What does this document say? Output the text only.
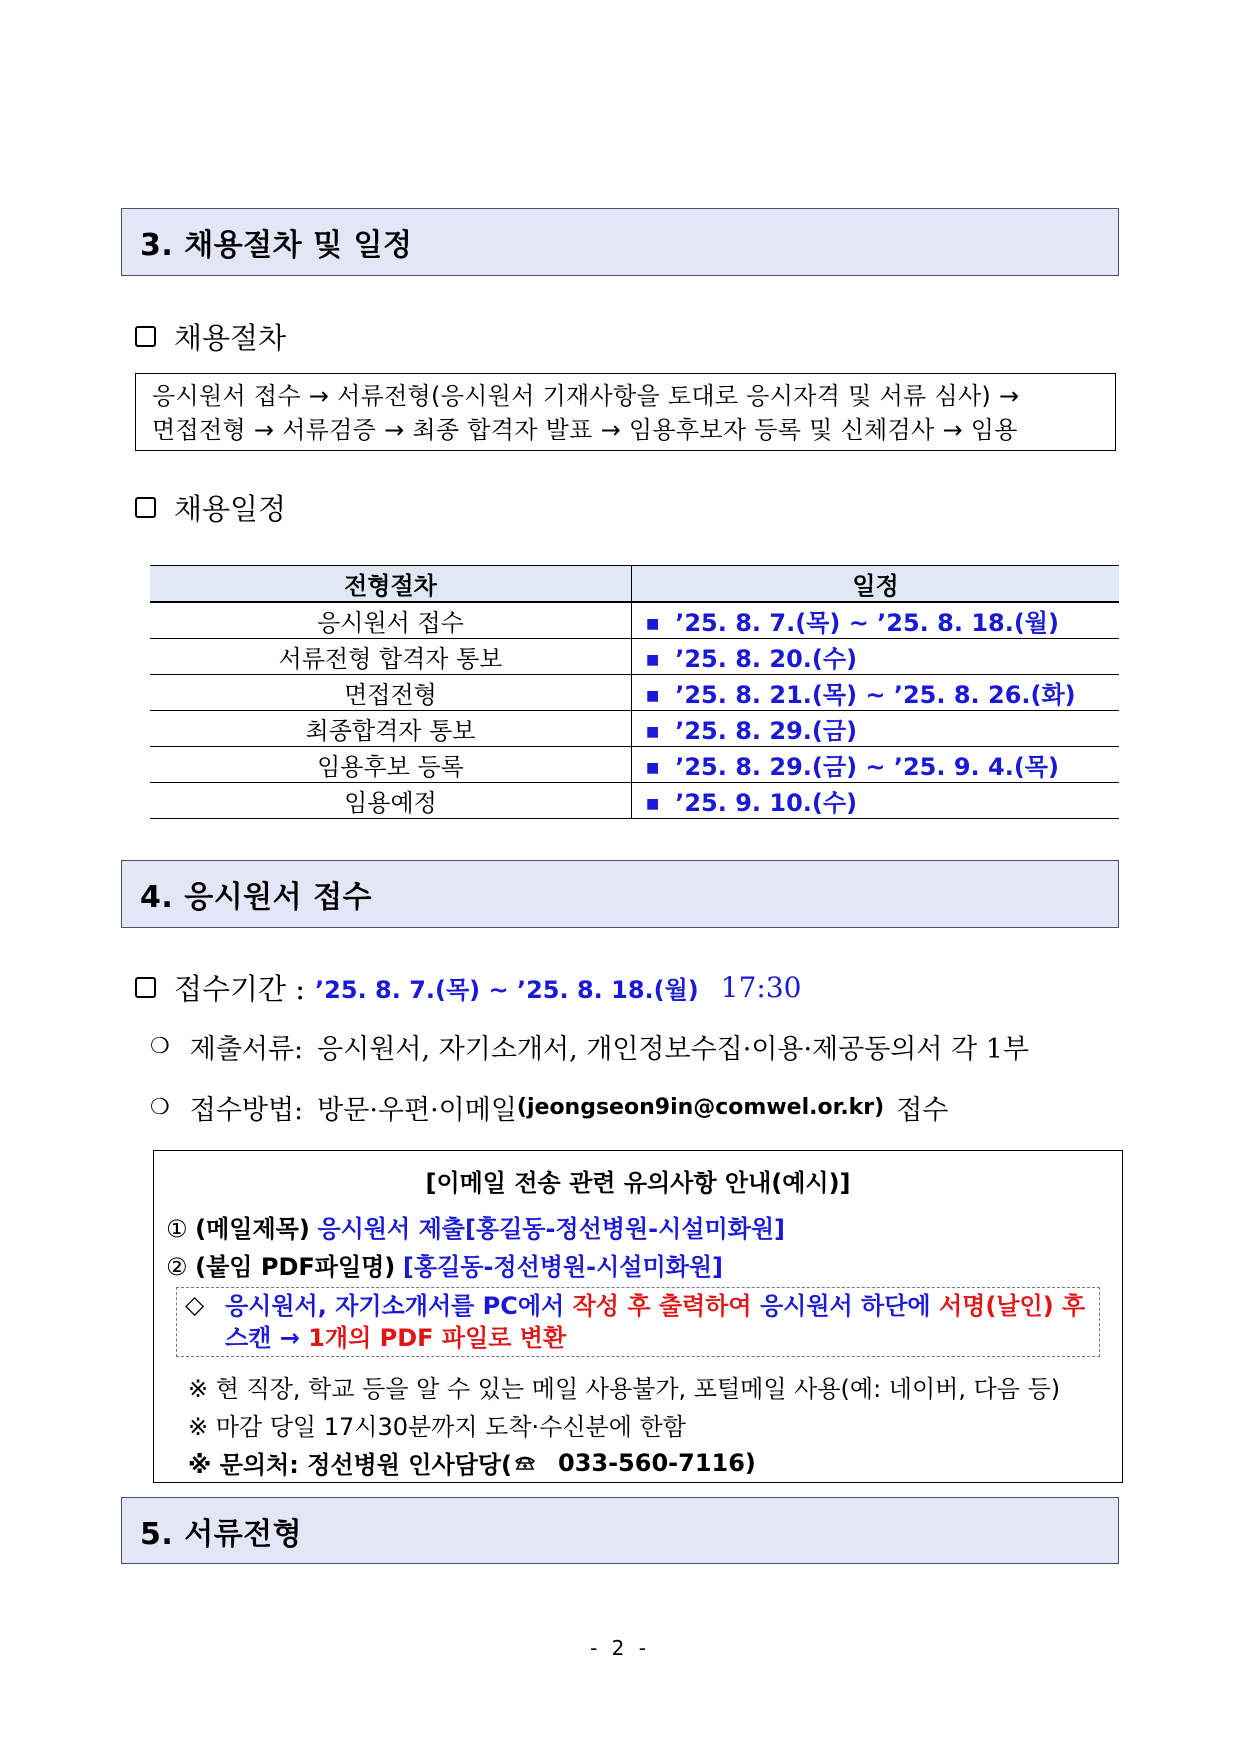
3. 채용절차 및 일정
채용절차
응시원서 접수 → 서류전형(응시원서 기재사항을 토대로 응시자격 및 서류 심사) →
면접전형 → 서류검증 → 최종 합격자 발표 → 임용후보자 등록 및 신체검사 → 임용
채용일정
전형절차	일정
응시원서 접수	■ ’25. 8. 7.(목) ~ ’25. 8. 18.(월)
서류전형 합격자 통보	■ ’25. 8. 20.(수)
면접전형	■ ’25. 8. 21.(목) ~ ’25. 8. 26.(화)
최종합격자 통보	■ ’25. 8. 29.(금)
임용후보 등록	■ ’25. 8. 29.(금) ~ ’25. 9. 4.(목)
임용예정	■ ’25. 9. 10.(수)
4. 응시원서 접수
접수기간 : ’25. 8. 7.(목) ~ ’25. 8. 18.(월) 17:30
❍ 제출서류: 응시원서, 자기소개서, 개인정보수집·이용·제공동의서 각 1부
❍ 접수방법: 방문·우편·이메일 (jeongseon9in@comwel.or.kr) 접수
[이메일 전송 관련 유의사항 안내(예시)]
① (메일제목) 응시원서 제출[홍길동-정선병원-시설미화원]
② (붙임 PDF파일명) [홍길동-정선병원-시설미화원]
◇ 응시원서, 자기소개서를 PC에서 작성 후 출력하여 응시원서 하단에 서명(날인) 후
스캔 → 1개의 PDF 파일로 변환
※ 현 직장, 학교 등을 알 수 있는 메일 사용불가, 포털메일 사용(예: 네이버, 다음 등)
※ 마감 당일 17시30분까지 도착·수신분에 한함
※ 문의처: 정선병원 인사담당( 033-560-7116)
5. 서류전형
- 2 -
